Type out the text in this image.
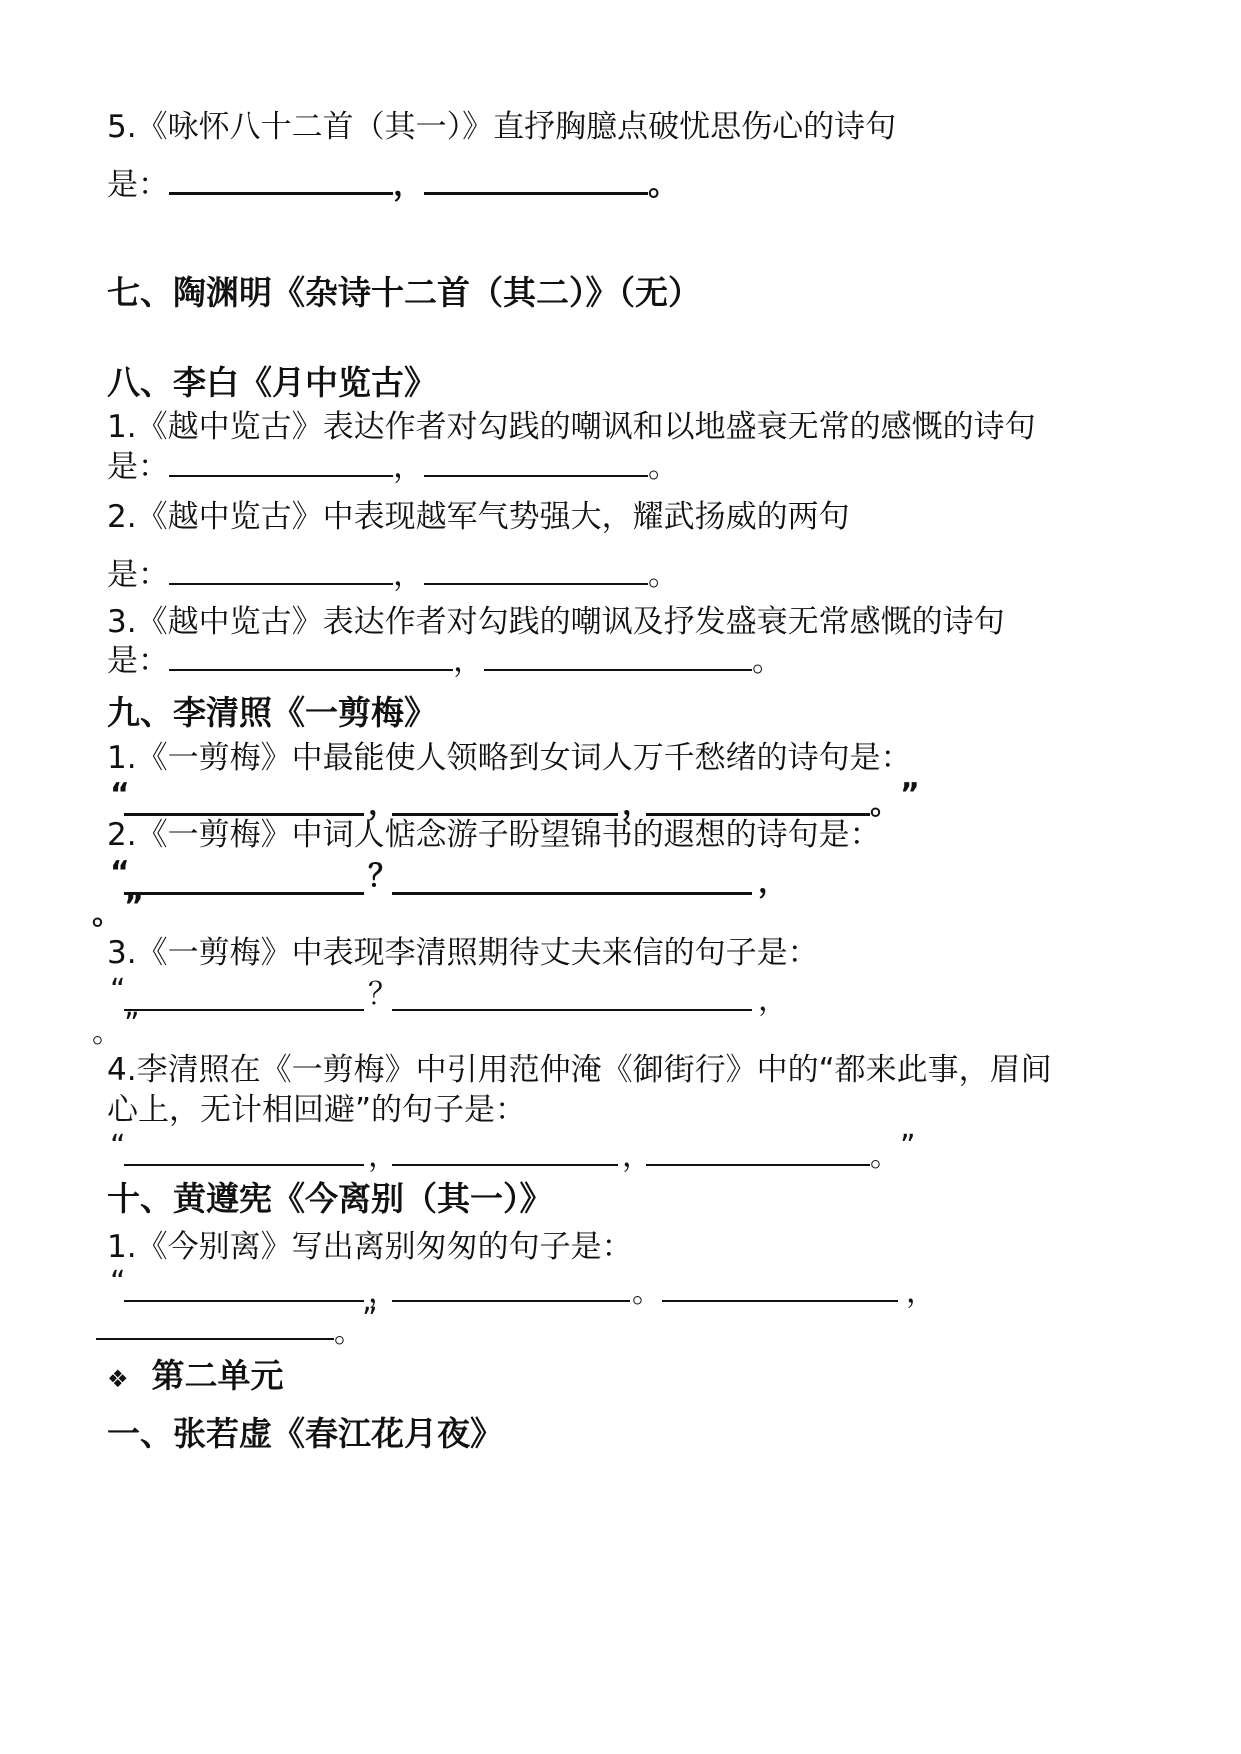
5.《咏怀八十二首（其一）》直抒胸臆点破忧思伤心的诗句
是：	，	。
七、陶渊明《杂诗十二首（其二）》（无）
八、李白《月中览古》
1.《越中览古》表达作者对勾践的嘲讽和以地盛衰无常的感慨的诗句
是：	，	。
2.《越中览古》中表现越军气势强大，耀武扬威的两句
是：	，	。
3.《越中览古》表达作者对勾践的嘲讽及抒发盛衰无常感慨的诗句
是：	，	。
九、李清照《一剪梅》
1.《一剪梅》中最能使人领略到女词人万千愁绪的诗句是：
“	，	，	。 ”
2.《一剪梅》中词人惦念游子盼望锦书的遐想的诗句是：
“	？	，
”
。
3.《一剪梅》中表现李清照期待丈夫来信的句子是：
“	？	，
”
。
4.李清照在《一剪梅》中引用范仲淹《御街行》中的“都来此事，眉间
心上，无计相回避”的句子是：
“	，	，	。 ”
十、黄遵宪《今离别（其一）》
1.《今别离》写出离别匆匆的句子是：
“	，	。	，
。
”
❖ 第二单元
一、张若虚《春江花月夜》
